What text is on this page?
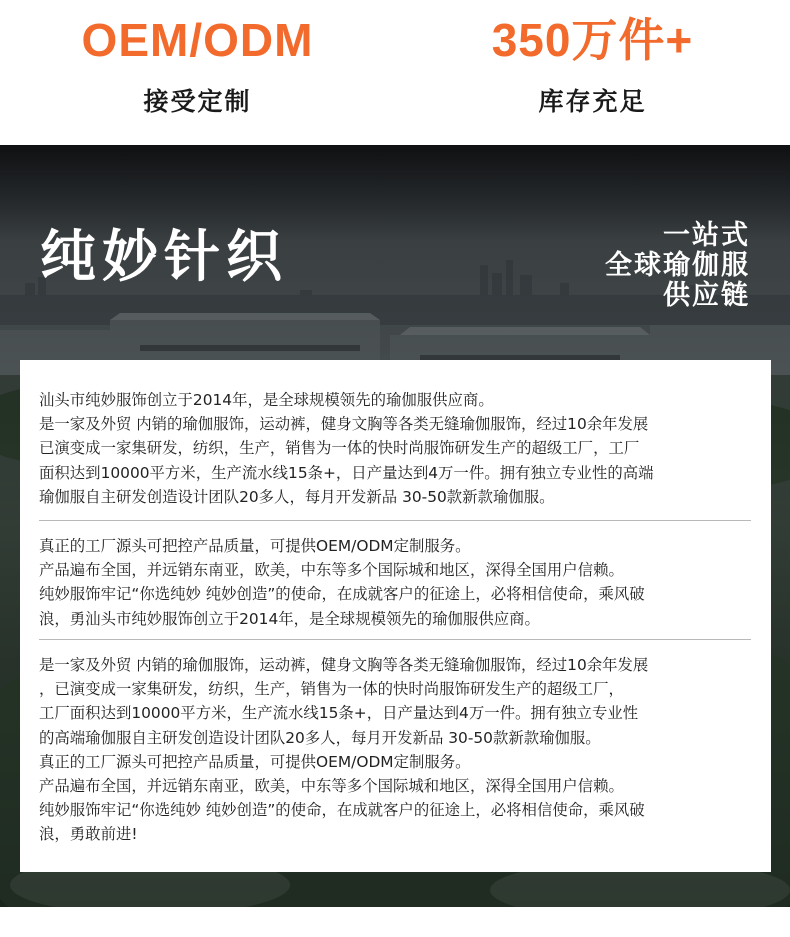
OEM/ODM
接受定制
350万件+
库存充足
纯妙针织	一站式
全球瑜伽服
供应链
汕头市纯妙服饰创立于2014年，是全球规模领先的瑜伽服供应商。
是一家及外贸 内销的瑜伽服饰，运动裤，健身文胸等各类无缝瑜伽服饰，经过10余年发展
已演变成一家集研发，纺织，生产，销售为一体的快时尚服饰研发生产的超级工厂，工厂
面积达到10000平方米，生产流水线15条+，日产量达到4万一件。拥有独立专业性的高端
瑜伽服自主研发创造设计团队20多人，每月开发新品 30-50款新款瑜伽服。
真正的工厂源头可把控产品质量，可提供OEM/ODM定制服务。
产品遍布全国，并远销东南亚，欧美，中东等多个国际城和地区，深得全国用户信赖。
纯妙服饰牢记“你选纯妙 纯妙创造”的使命，在成就客户的征途上，必将相信使命，乘风破
浪，勇汕头市纯妙服饰创立于2014年，是全球规模领先的瑜伽服供应商。
是一家及外贸 内销的瑜伽服饰，运动裤，健身文胸等各类无缝瑜伽服饰，经过10余年发展
，已演变成一家集研发，纺织，生产，销售为一体的快时尚服饰研发生产的超级工厂，
工厂面积达到10000平方米，生产流水线15条+，日产量达到4万一件。拥有独立专业性
的高端瑜伽服自主研发创造设计团队20多人，每月开发新品 30-50款新款瑜伽服。
真正的工厂源头可把控产品质量，可提供OEM/ODM定制服务。
产品遍布全国，并远销东南亚，欧美，中东等多个国际城和地区，深得全国用户信赖。
纯妙服饰牢记“你选纯妙 纯妙创造”的使命，在成就客户的征途上，必将相信使命，乘风破
浪，勇敢前进!
